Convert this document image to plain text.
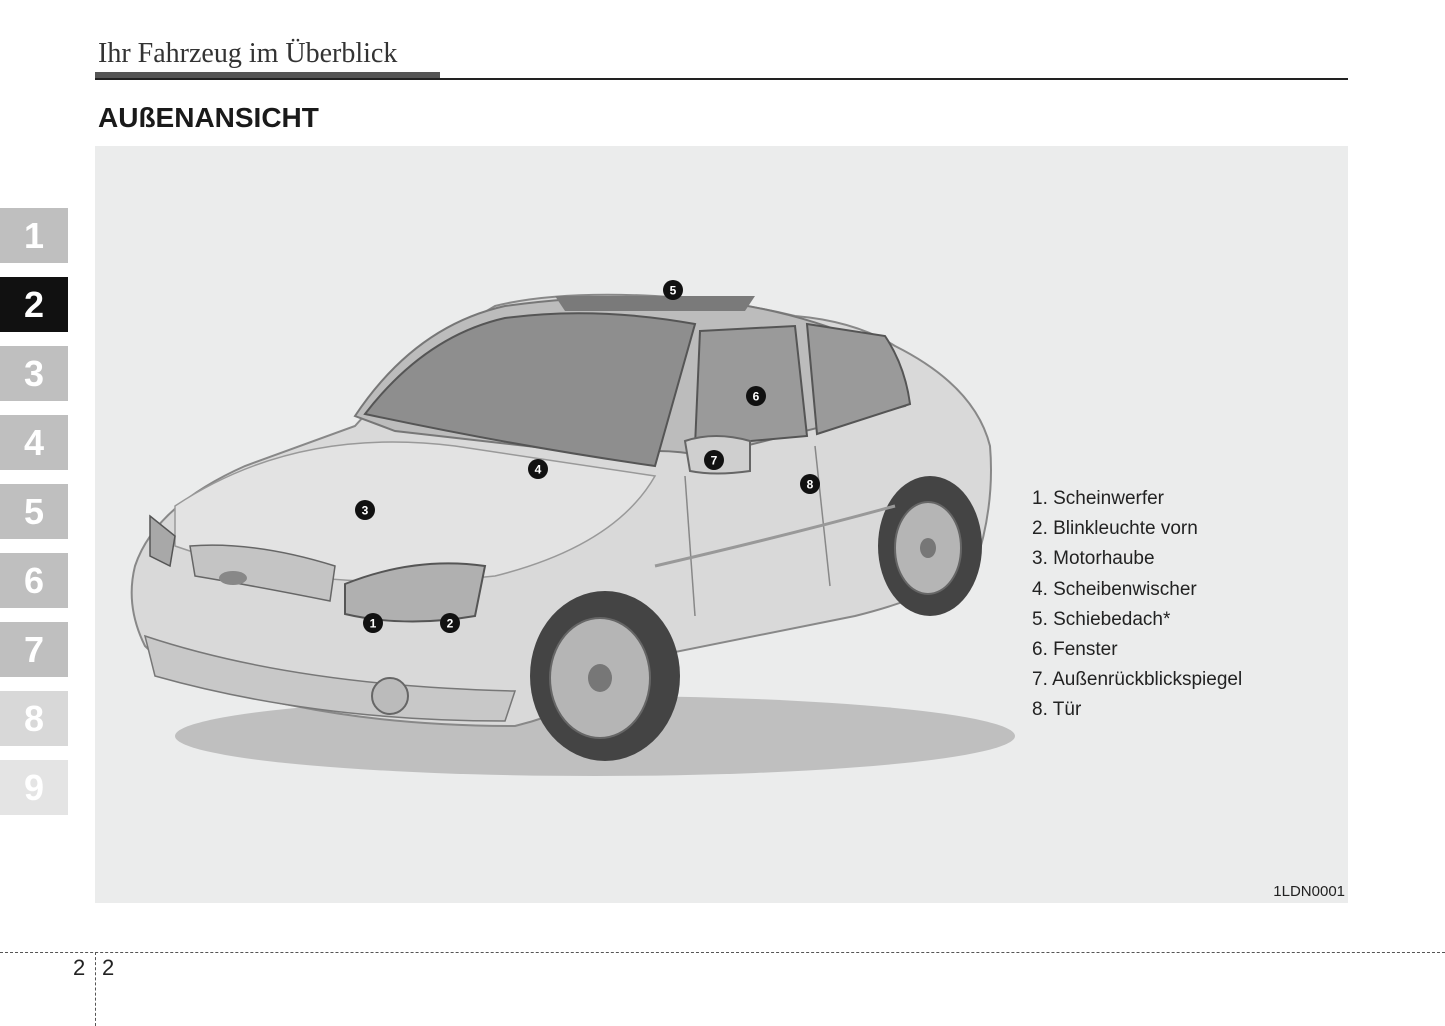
Ihr Fahrzeug im Überblick
AUßENANSICHT
1
2
3
4
5
6
7
8
9
1	2
3
4
5
6
7
8
1. Scheinwerfer
2. Blinkleuchte vorn
3. Motorhaube
4. Scheibenwischer
5. Schiebedach*
6. Fenster
7. Außenrückblickspiegel
8. Tür
1LDN0001
2 2
